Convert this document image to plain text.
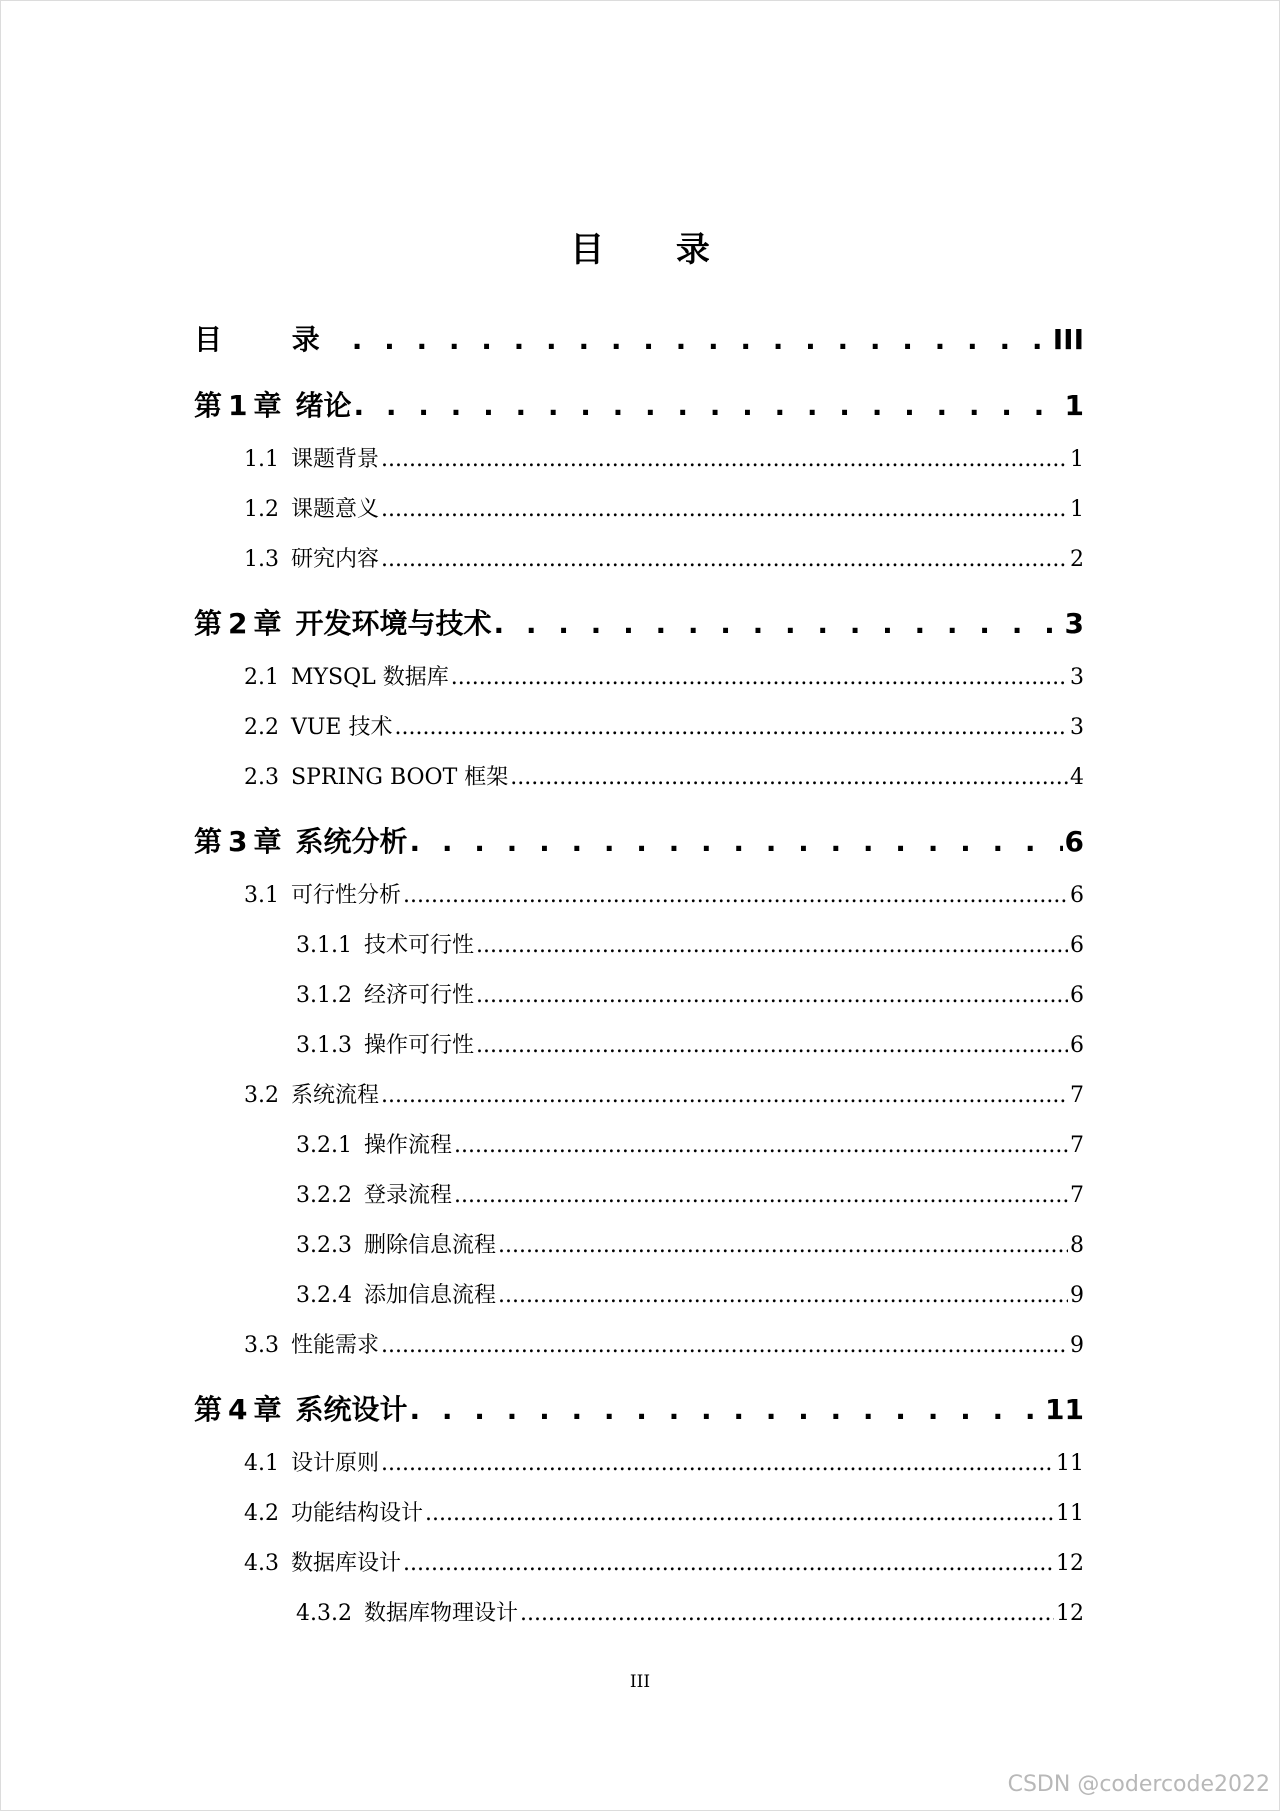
目 录
目 录 . . .	III
第 1 章 绪论 . . .	1
1.1 课题背景 .....	1
1.2 课题意义 .....	1
1.3 研究内容 .....	2
第 2 章 开发环境与技术 . . .	3
2.1 MYSQL 数据库 .....	3
2.2 VUE 技术 .....	3
2.3 SPRING BOOT 框架 .....	4
第 3 章 系统分析 . . .	6
3.1 可行性分析 .....	6
3.1.1 技术可行性 .....	6
3.1.2 经济可行性 .....	6
3.1.3 操作可行性 .....	6
3.2 系统流程 .....	7
3.2.1 操作流程 .....	7
3.2.2 登录流程 .....	7
3.2.3 删除信息流程 .....	8
3.2.4 添加信息流程 .....	9
3.3 性能需求 .....	9
第 4 章 系统设计 . . .	11
4.1 设计原则 .....	11
4.2 功能结构设计 .....	11
4.3 数据库设计 .....	12
4.3.2 数据库物理设计 .....	12
III
CSDN @codercode2022
